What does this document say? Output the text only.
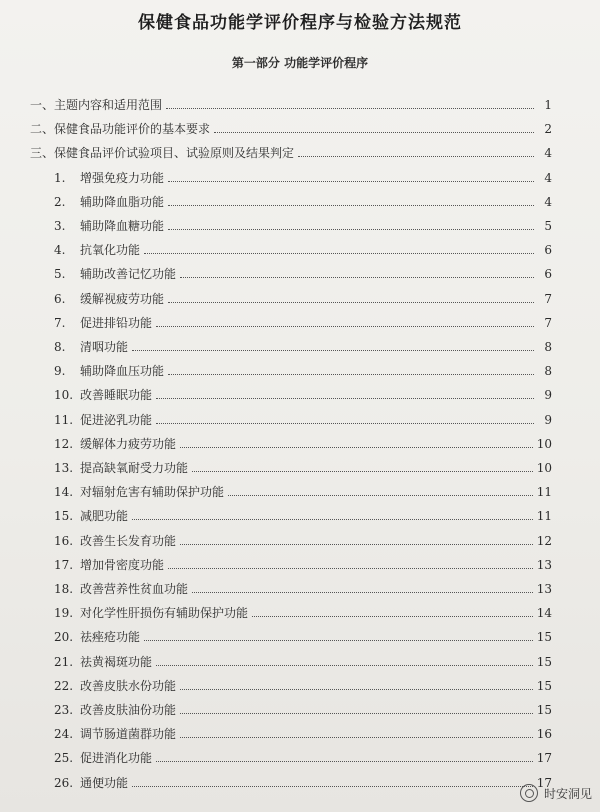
保健食品功能学评价程序与检验方法规范
第一部分 功能学评价程序
一、主题内容和适用范围	1
二、保健食品功能评价的基本要求	2
三、保健食品评价试验项目、试验原则及结果判定	4
1. 增强免疫力功能	4
2. 辅助降血脂功能	4
3. 辅助降血糖功能	5
4. 抗氧化功能	6
5. 辅助改善记忆功能	6
6. 缓解视疲劳功能	7
7. 促进排铅功能	7
8. 清咽功能	8
9. 辅助降血压功能	8
10. 改善睡眠功能	9
11. 促进泌乳功能	9
12. 缓解体力疲劳功能	10
13. 提高缺氧耐受力功能	10
14. 对辐射危害有辅助保护功能	11
15. 减肥功能	11
16. 改善生长发育功能	12
17. 增加骨密度功能	13
18. 改善营养性贫血功能	13
19. 对化学性肝损伤有辅助保护功能	14
20. 祛痤疮功能	15
21. 祛黄褐斑功能	15
22. 改善皮肤水份功能	15
23. 改善皮肤油份功能	15
24. 调节肠道菌群功能	16
25. 促进消化功能	17
26. 通便功能	17
时安洞见
